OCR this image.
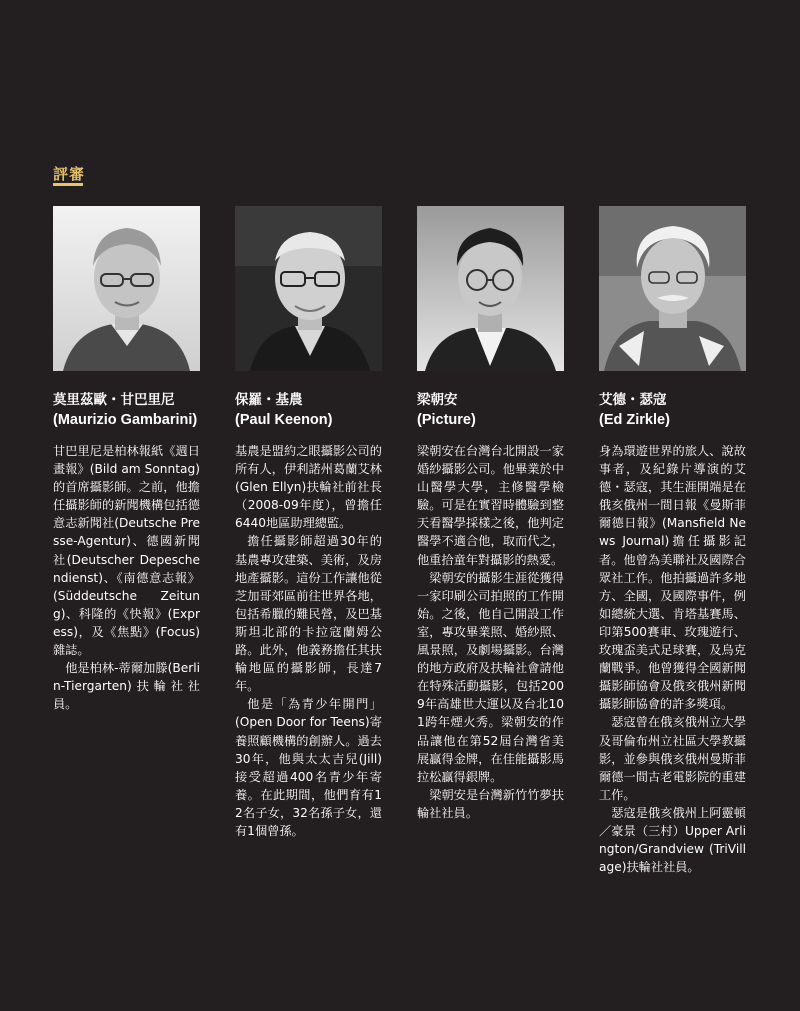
評審
莫里茲歐・甘巴里尼
(Maurizio Gambarini)

甘巴里尼是柏林報紙《週日畫報》(Bild am Sonntag)的首席攝影師。之前，他擔任攝影師的新聞機構包括德意志新聞社(Deutsche Presse-Agentur)、德國新聞社(Deutscher Depeschendienst)、《南德意志報》(Süddeutsche Zeitung)、科隆的《快報》(Express)，及《焦點》(Focus)雜誌。

他是柏林-蒂爾加滕(Berlin-Tiergarten)扶輪社社員。

保羅・基農
(Paul Keenon)

基農是盟約之眼攝影公司的所有人，伊利諾州葛蘭艾林(Glen Ellyn)扶輪社前社長（2008-09年度），曾擔任6440地區助理總監。

擔任攝影師超過30年的基農專攻建築、美術，及房地產攝影。這份工作讓他從芝加哥郊區前往世界各地，包括希臘的難民營，及巴基斯坦北部的卡拉寇蘭姆公路。此外，他義務擔任其扶輪地區的攝影師，長達7年。

他是「為青少年開門」(Open Door for Teens)寄養照顧機構的創辦人。過去30年，他與太太吉兒(Jill)接受超過400名青少年寄養。在此期間，他們育有12名子女，32名孫子女，還有1個曾孫。

梁朝安
(Picture)

梁朝安在台灣台北開設一家婚紗攝影公司。他畢業於中山醫學大學，主修醫學檢驗。可是在實習時體驗到整天看醫學採樣之後，他判定醫學不適合他，取而代之，他重拾童年對攝影的熱愛。

梁朝安的攝影生涯從獲得一家印刷公司拍照的工作開始。之後，他自己開設工作室，專攻畢業照、婚紗照、風景照，及劇場攝影。台灣的地方政府及扶輪社會請他在特殊活動攝影，包括2009年高雄世大運以及台北101跨年煙火秀。梁朝安的作品讓他在第52屆台灣省美展贏得金牌，在佳能攝影馬拉松贏得銀牌。

梁朝安是台灣新竹竹夢扶輪社社員。

艾德・瑟寇
(Ed Zirkle)

身為環遊世界的旅人、說故事者，及紀錄片導演的艾德・瑟寇，其生涯開端是在俄亥俄州一間日報《曼斯菲爾德日報》(Mansfield News Journal)擔任攝影記者。他曾為美聯社及國際合眾社工作。他拍攝過許多地方、全國，及國際事件，例如總統大選、肯塔基賽馬、印第500賽車、玫瑰遊行、玫瑰盃美式足球賽，及烏克蘭戰爭。他曾獲得全國新聞攝影師協會及俄亥俄州新聞攝影師協會的許多獎項。

瑟寇曾在俄亥俄州立大學及哥倫布州立社區大學教攝影，並參與俄亥俄州曼斯菲爾德一間古老電影院的重建工作。

瑟寇是俄亥俄州上阿靈頓／豪景（三村）Upper Arlington/Grandview (TriVillage)扶輪社社員。
